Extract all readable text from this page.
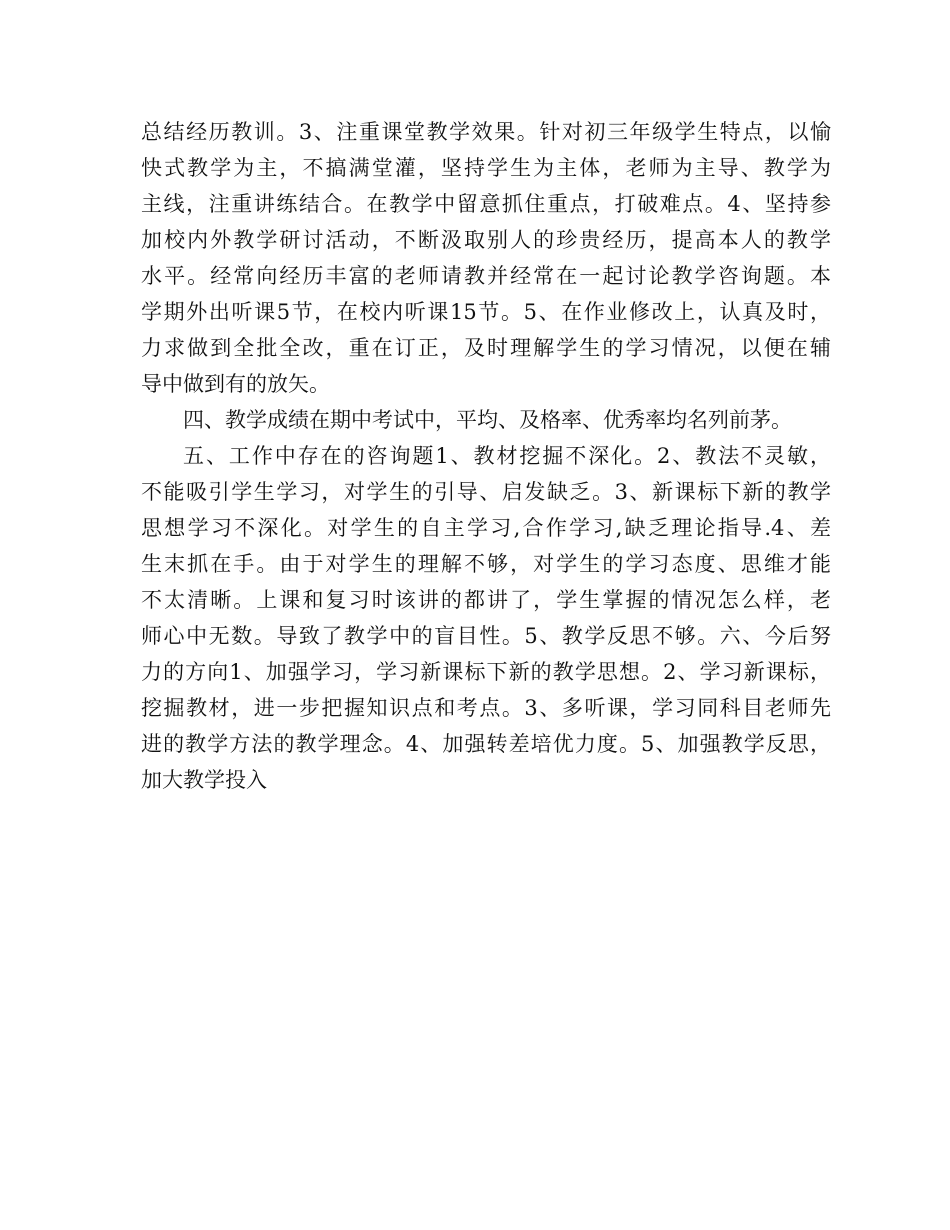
总结经历教训。3、注重课堂教学效果。针对初三年级学生特点，以愉
快式教学为主，不搞满堂灌，坚持学生为主体，老师为主导、教学为
主线，注重讲练结合。在教学中留意抓住重点，打破难点。4、坚持参
加校内外教学研讨活动，不断汲取别人的珍贵经历，提高本人的教学
水平。经常向经历丰富的老师请教并经常在一起讨论教学咨询题。本
学期外出听课5节，在校内听课15节。5、在作业修改上，认真及时，
力求做到全批全改，重在订正，及时理解学生的学习情况，以便在辅
导中做到有的放矢。
四、教学成绩在期中考试中，平均、及格率、优秀率均名列前茅。
五、工作中存在的咨询题1、教材挖掘不深化。2、教法不灵敏，
不能吸引学生学习，对学生的引导、启发缺乏。3、新课标下新的教学
思想学习不深化。对学生的自主学习,合作学习,缺乏理论指导.4、差
生末抓在手。由于对学生的理解不够，对学生的学习态度、思维才能
不太清晰。上课和复习时该讲的都讲了，学生掌握的情况怎么样，老
师心中无数。导致了教学中的盲目性。5、教学反思不够。六、今后努
力的方向1、加强学习，学习新课标下新的教学思想。2、学习新课标，
挖掘教材，进一步把握知识点和考点。3、多听课，学习同科目老师先
进的教学方法的教学理念。4、加强转差培优力度。5、加强教学反思，
加大教学投入
